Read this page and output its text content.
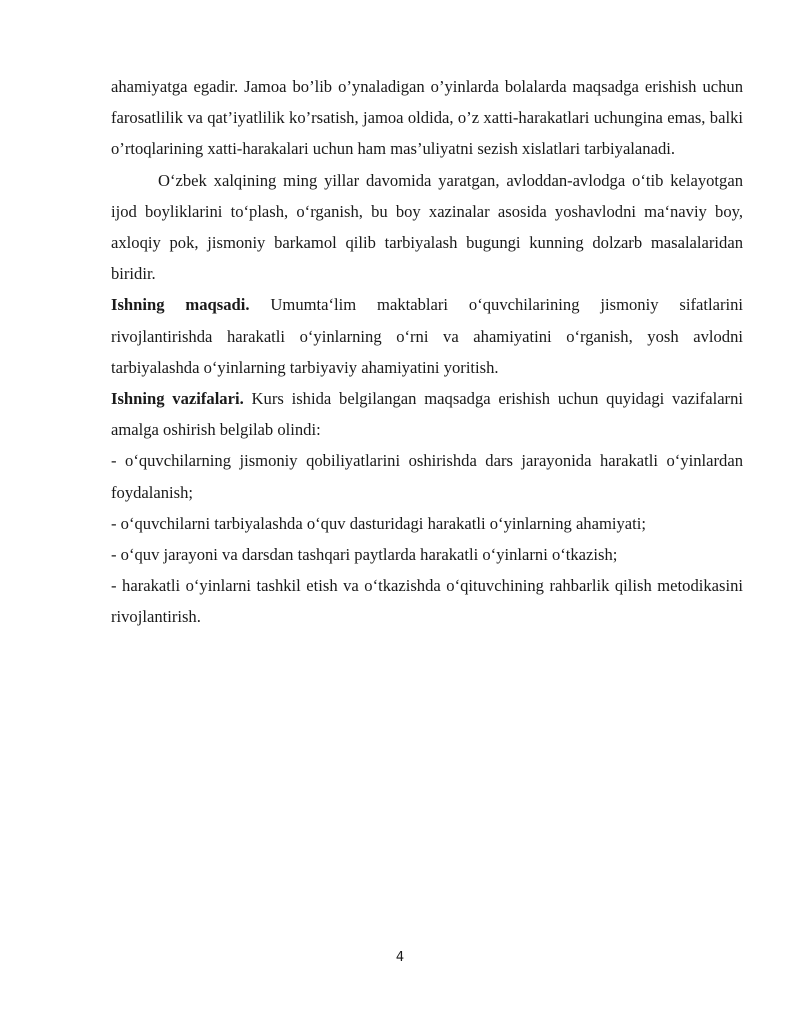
ahamiyatga egadir. Jamoa bo’lib o’ynaladigan o’yinlarda bolalarda maqsadga erishish uchun farosatlilik va qat’iyatlilik ko’rsatish, jamoa oldida, o’z xatti-harakatlari uchungina emas, balki o’rtoqlarining xatti-harakalari uchun ham mas’uliyatni sezish xislatlari tarbiyalanadi.

O‘zbek xalqining ming yillar davomida yaratgan, avloddan-avlodga o‘tib kelayotgan ijod boyliklarini to‘plash, o‘rganish, bu boy xazinalar asosida yoshavlodni ma‘naviy boy, axloqiy pok, jismoniy barkamol qilib tarbiyalash bugungi kunning dolzarb masalalaridan biridir.

Ishning maqsadi. Umumta‘lim maktablari o‘quvchilarining jismoniy sifatlarini rivojlantirishda harakatli o‘yinlarning o‘rni va ahamiyatini o‘rganish, yosh avlodni tarbiyalashda o‘yinlarning tarbiyaviy ahamiyatini yoritish.

Ishning vazifalari. Kurs ishida belgilangan maqsadga erishish uchun quyidagi vazifalarni amalga oshirish belgilab olindi:

- o‘quvchilarning jismoniy qobiliyatlarini oshirishda dars jarayonida harakatli o‘yinlardan foydalanish;

- o‘quvchilarni tarbiyalashda o‘quv dasturidagi harakatli o‘yinlarning ahamiyati;

- o‘quv jarayoni va darsdan tashqari paytlarda harakatli o‘yinlarni o‘tkazish;

- harakatli o‘yinlarni tashkil etish va o‘tkazishda o‘qituvchining rahbarlik qilish metodikasini rivojlantirish.

4
